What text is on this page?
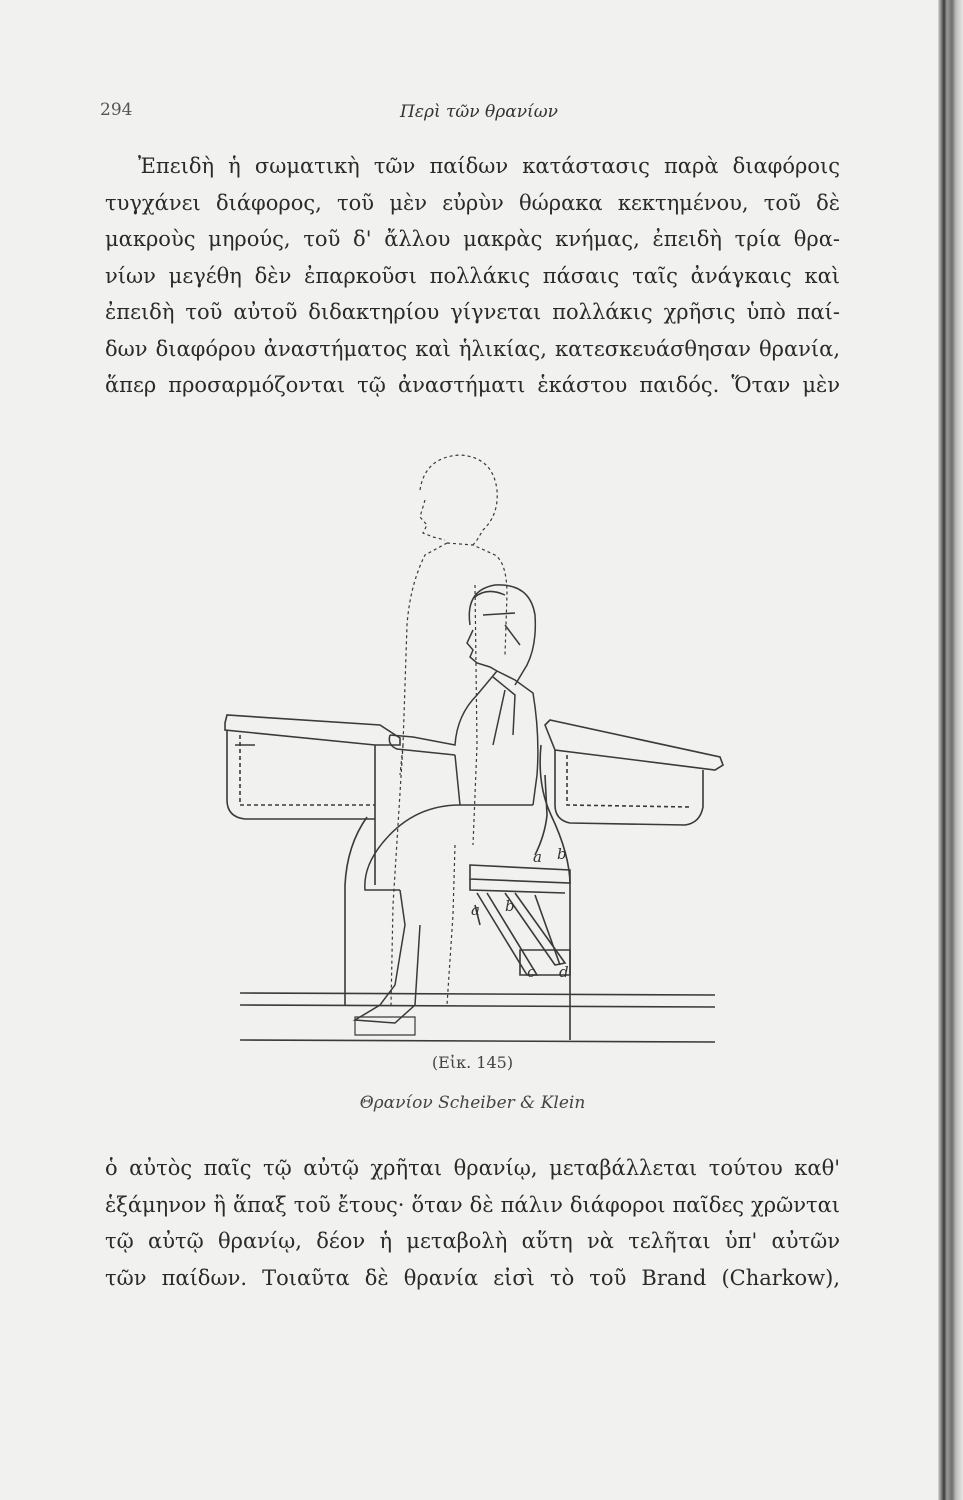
294	Περὶ τῶν θρανίων
Ἐπειδὴ ἡ σωματικὴ τῶν παίδων κατάστασις παρὰ διαφόροις
τυγχάνει διάφορος, τοῦ μὲν εὐρὺν θώρακα κεκτημένου, τοῦ δὲ
μακροὺς μηρούς, τοῦ δ' ἄλλου μακρὰς κνήμας, ἐπειδὴ τρία θρα-
νίων μεγέθη δὲν ἐπαρκοῦσι πολλάκις πάσαις ταῖς ἀνάγκαις καὶ
ἐπειδὴ τοῦ αὐτοῦ διδακτηρίου γίγνεται πολλάκις χρῆσις ὑπὸ παί-
δων διαφόρου ἀναστήματος καὶ ἡλικίας, κατεσκευάσθησαν θρανία,
ἅπερ προσαρμόζονται τῷ ἀναστήματι ἑκάστου παιδός. Ὅταν μὲν
a b
a b
c d
(Εἰκ. 145)
Θρανίον Scheiber & Klein
ὁ αὐτὸς παῖς τῷ αὐτῷ χρῆται θρανίῳ, μεταβάλλεται τούτου καθ'
ἑξάμηνον ἢ ἅπαξ τοῦ ἔτους· ὅταν δὲ πάλιν διάφοροι παῖδες χρῶνται
τῷ αὐτῷ θρανίῳ, δέον ἡ μεταβολὴ αὕτη νὰ τελῆται ὑπ' αὐτῶν
τῶν παίδων. Τοιαῦτα δὲ θρανία εἰσὶ τὸ τοῦ Brand (Charkow),
